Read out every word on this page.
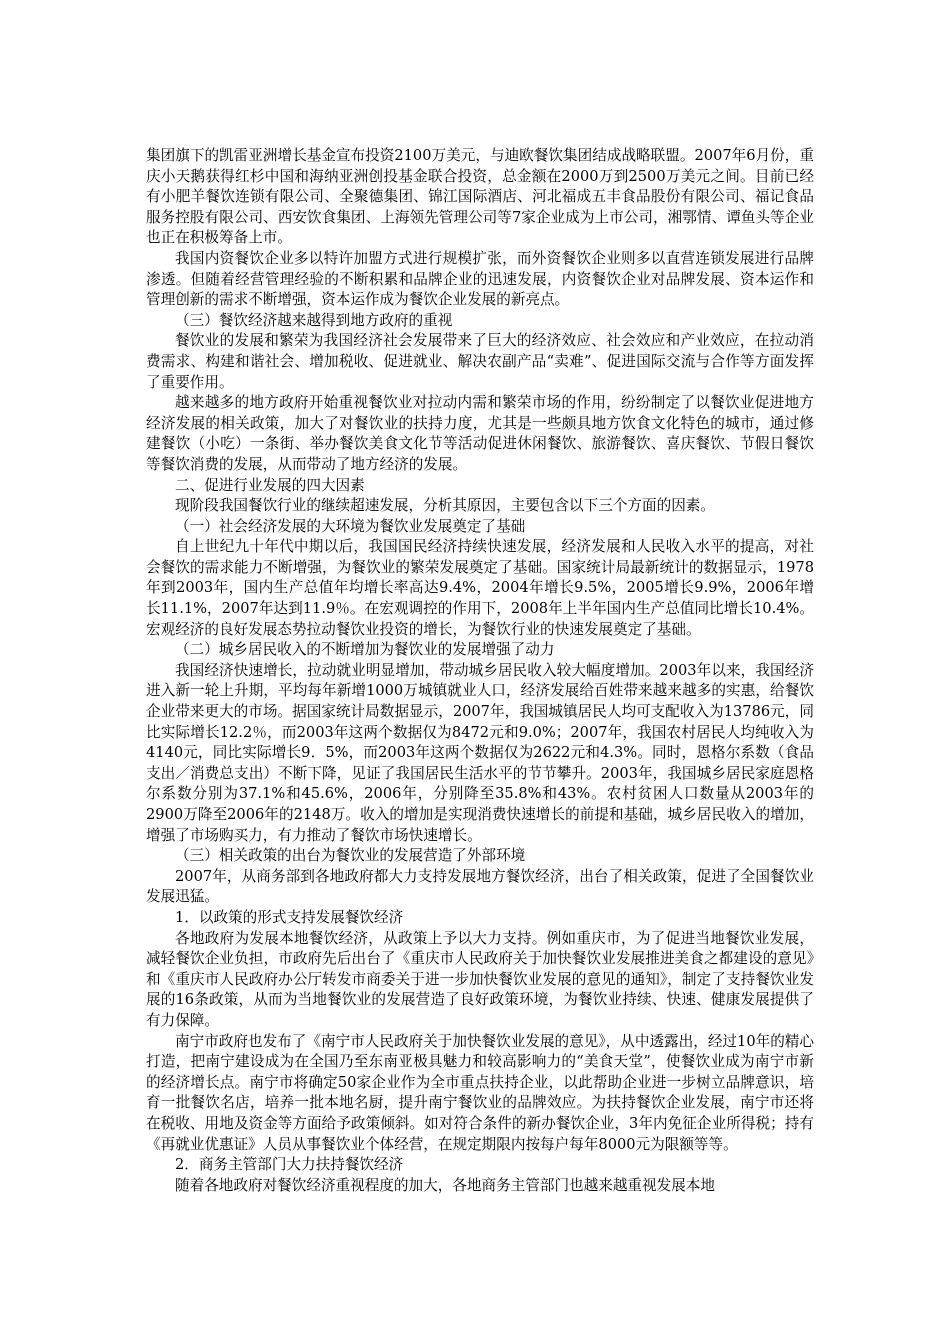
集团旗下的凯雷亚洲增长基金宣布投资2100万美元，与迪欧餐饮集团结成战略联盟。2007年6月份，重庆小天鹅获得红杉中国和海纳亚洲创投基金联合投资，总金额在2000万到2500万美元之间。目前已经有小肥羊餐饮连锁有限公司、全聚德集团、锦江国际酒店、河北福成五丰食品股份有限公司、福记食品服务控股有限公司、西安饮食集团、上海领先管理公司等7家企业成为上市公司，湘鄂情、谭鱼头等企业也正在积极筹备上市。

我国内资餐饮企业多以特许加盟方式进行规模扩张，而外资餐饮企业则多以直营连锁发展进行品牌渗透。但随着经营管理经验的不断积累和品牌企业的迅速发展，内资餐饮企业对品牌发展、资本运作和管理创新的需求不断增强，资本运作成为餐饮企业发展的新亮点。

（三）餐饮经济越来越得到地方政府的重视

餐饮业的发展和繁荣为我国经济社会发展带来了巨大的经济效应、社会效应和产业效应，在拉动消费需求、构建和谐社会、增加税收、促进就业、解决农副产品“卖难”、促进国际交流与合作等方面发挥了重要作用。

越来越多的地方政府开始重视餐饮业对拉动内需和繁荣市场的作用，纷纷制定了以餐饮业促进地方经济发展的相关政策，加大了对餐饮业的扶持力度，尤其是一些颇具地方饮食文化特色的城市，通过修建餐饮（小吃）一条街、举办餐饮美食文化节等活动促进休闲餐饮、旅游餐饮、喜庆餐饮、节假日餐饮等餐饮消费的发展，从而带动了地方经济的发展。

二、促进行业发展的四大因素

现阶段我国餐饮行业的继续超速发展，分析其原因，主要包含以下三个方面的因素。

（一）社会经济发展的大环境为餐饮业发展奠定了基础

自上世纪九十年代中期以后，我国国民经济持续快速发展，经济发展和人民收入水平的提高，对社会餐饮的需求能力不断增强，为餐饮业的繁荣发展奠定了基础。国家统计局最新统计的数据显示，1978年到2003年，国内生产总值年均增长率高达9.4%，2004年增长9.5%，2005增长9.9%，2006年增长11.1%，2007年达到11.9％。在宏观调控的作用下，2008年上半年国内生产总值同比增长10.4%。宏观经济的良好发展态势拉动餐饮业投资的增长，为餐饮行业的快速发展奠定了基础。

（二）城乡居民收入的不断增加为餐饮业的发展增强了动力

我国经济快速增长，拉动就业明显增加，带动城乡居民收入较大幅度增加。2003年以来，我国经济进入新一轮上升期，平均每年新增1000万城镇就业人口，经济发展给百姓带来越来越多的实惠，给餐饮企业带来更大的市场。据国家统计局数据显示，2007年，我国城镇居民人均可支配收入为13786元，同比实际增长12.2％，而2003年这两个数据仅为8472元和9.0%；2007年，我国农村居民人均纯收入为4140元，同比实际增长9．5%，而2003年这两个数据仅为2622元和4.3%。同时，恩格尔系数（食品支出／消费总支出）不断下降，见证了我国居民生活水平的节节攀升。2003年，我国城乡居民家庭恩格尔系数分别为37.1%和45.6%，2006年，分别降至35.8%和43%。农村贫困人口数量从2003年的2900万降至2006年的2148万。收入的增加是实现消费快速增长的前提和基础，城乡居民收入的增加，增强了市场购买力，有力推动了餐饮市场快速增长。

（三）相关政策的出台为餐饮业的发展营造了外部环境

2007年，从商务部到各地政府都大力支持发展地方餐饮经济，出台了相关政策，促进了全国餐饮业发展迅猛。

1．以政策的形式支持发展餐饮经济

各地政府为发展本地餐饮经济，从政策上予以大力支持。例如重庆市，为了促进当地餐饮业发展，减轻餐饮企业负担，市政府先后出台了《重庆市人民政府关于加快餐饮业发展推进美食之都建设的意见》和《重庆市人民政府办公厅转发市商委关于进一步加快餐饮业发展的意见的通知》，制定了支持餐饮业发展的16条政策，从而为当地餐饮业的发展营造了良好政策环境，为餐饮业持续、快速、健康发展提供了有力保障。

南宁市政府也发布了《南宁市人民政府关于加快餐饮业发展的意见》，从中透露出，经过10年的精心打造，把南宁建设成为在全国乃至东南亚极具魅力和较高影响力的“美食天堂”，使餐饮业成为南宁市新的经济增长点。南宁市将确定50家企业作为全市重点扶持企业，以此帮助企业进一步树立品牌意识，培育一批餐饮名店，培养一批本地名厨，提升南宁餐饮业的品牌效应。为扶持餐饮企业发展，南宁市还将在税收、用地及资金等方面给予政策倾斜。如对符合条件的新办餐饮企业，3年内免征企业所得税；持有《再就业优惠证》人员从事餐饮业个体经营，在规定期限内按每户每年8000元为限额等等。

2．商务主管部门大力扶持餐饮经济

随着各地政府对餐饮经济重视程度的加大，各地商务主管部门也越来越重视发展本地
